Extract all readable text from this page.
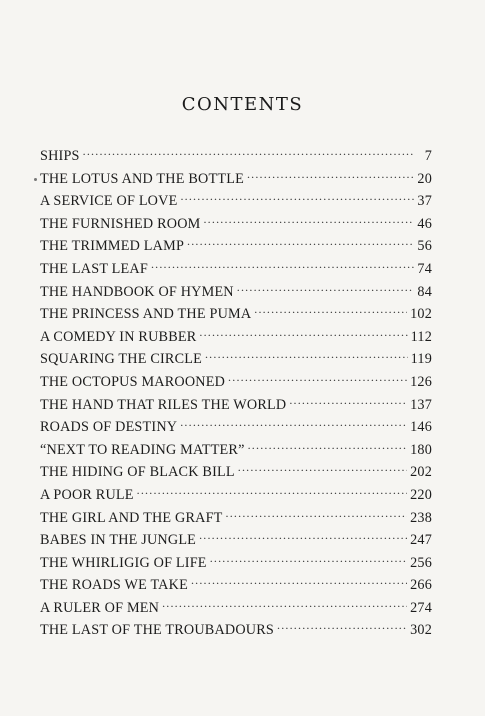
CONTENTS
SHIPS .....	7
THE LOTUS AND THE BOTTLE .....	20
A SERVICE OF LOVE .....	37
THE FURNISHED ROOM .....	46
THE TRIMMED LAMP .....	56
THE LAST LEAF .....	74
THE HANDBOOK OF HYMEN .....	84
THE PRINCESS AND THE PUMA .....	102
A COMEDY IN RUBBER .....	112
SQUARING THE CIRCLE .....	119
THE OCTOPUS MAROONED .....	126
THE HAND THAT RILES THE WORLD .....	137
ROADS OF DESTINY .....	146
“NEXT TO READING MATTER” .....	180
THE HIDING OF BLACK BILL .....	202
A POOR RULE .....	220
THE GIRL AND THE GRAFT .....	238
BABES IN THE JUNGLE .....	247
THE WHIRLIGIG OF LIFE .....	256
THE ROADS WE TAKE .....	266
A RULER OF MEN .....	274
THE LAST OF THE TROUBADOURS .....	302
